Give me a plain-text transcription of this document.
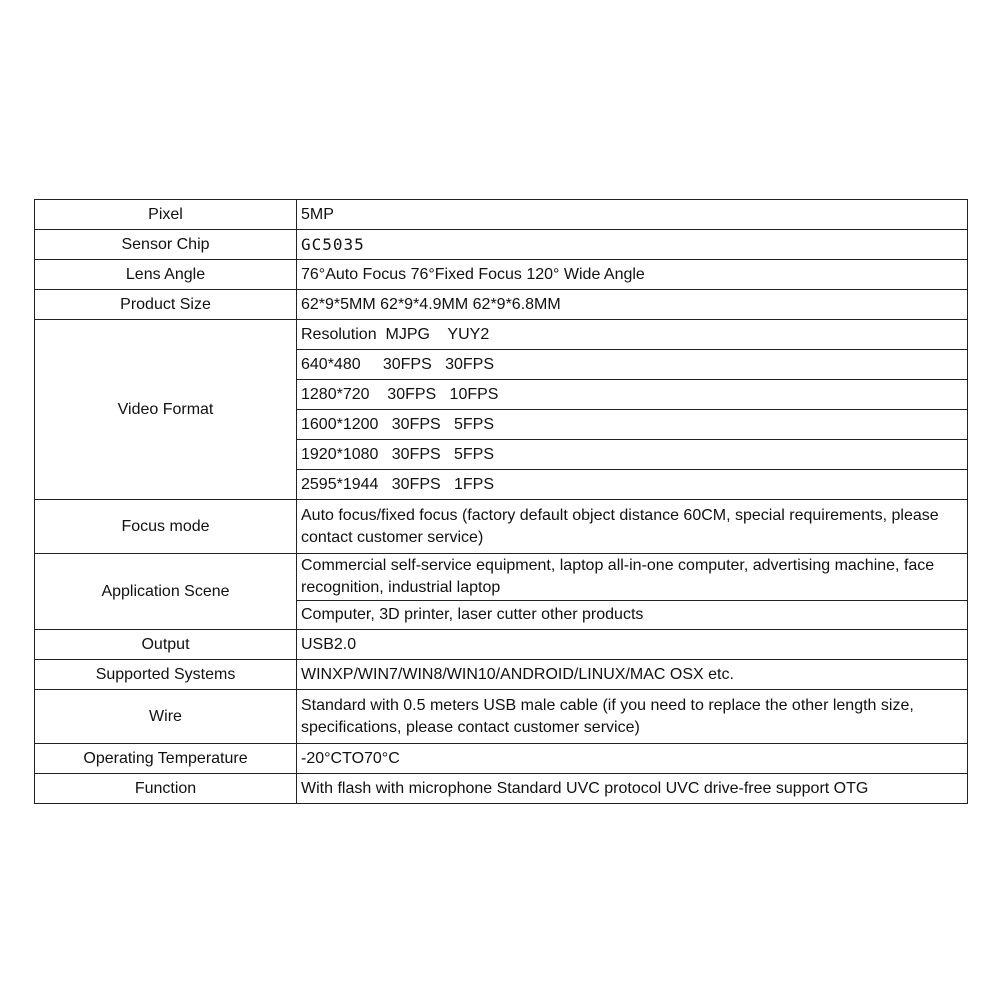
Pixel	5MP
Sensor Chip	GC5035
Lens Angle	76°Auto Focus 76°Fixed Focus 120° Wide Angle
Product Size	62*9*5MM 62*9*4.9MM 62*9*6.8MM
Video Format	Resolution  MJPG    YUY2
	640*480     30FPS   30FPS
	1280*720    30FPS   10FPS
	1600*1200   30FPS   5FPS
	1920*1080   30FPS   5FPS
	2595*1944   30FPS   1FPS
Focus mode	Auto focus/fixed focus (factory default object distance 60CM, special requirements, please contact customer service)
Application Scene	Commercial self-service equipment, laptop all-in-one computer, advertising machine, face recognition, industrial laptop
	Computer, 3D printer, laser cutter other products
Output	USB2.0
Supported Systems	WINXP/WIN7/WIN8/WIN10/ANDROID/LINUX/MAC OSX etc.
Wire	Standard with 0.5 meters USB male cable (if you need to replace the other length size, specifications, please contact customer service)
Operating Temperature	-20°CTO70°C
Function	With flash with microphone Standard UVC protocol UVC drive-free support OTG
